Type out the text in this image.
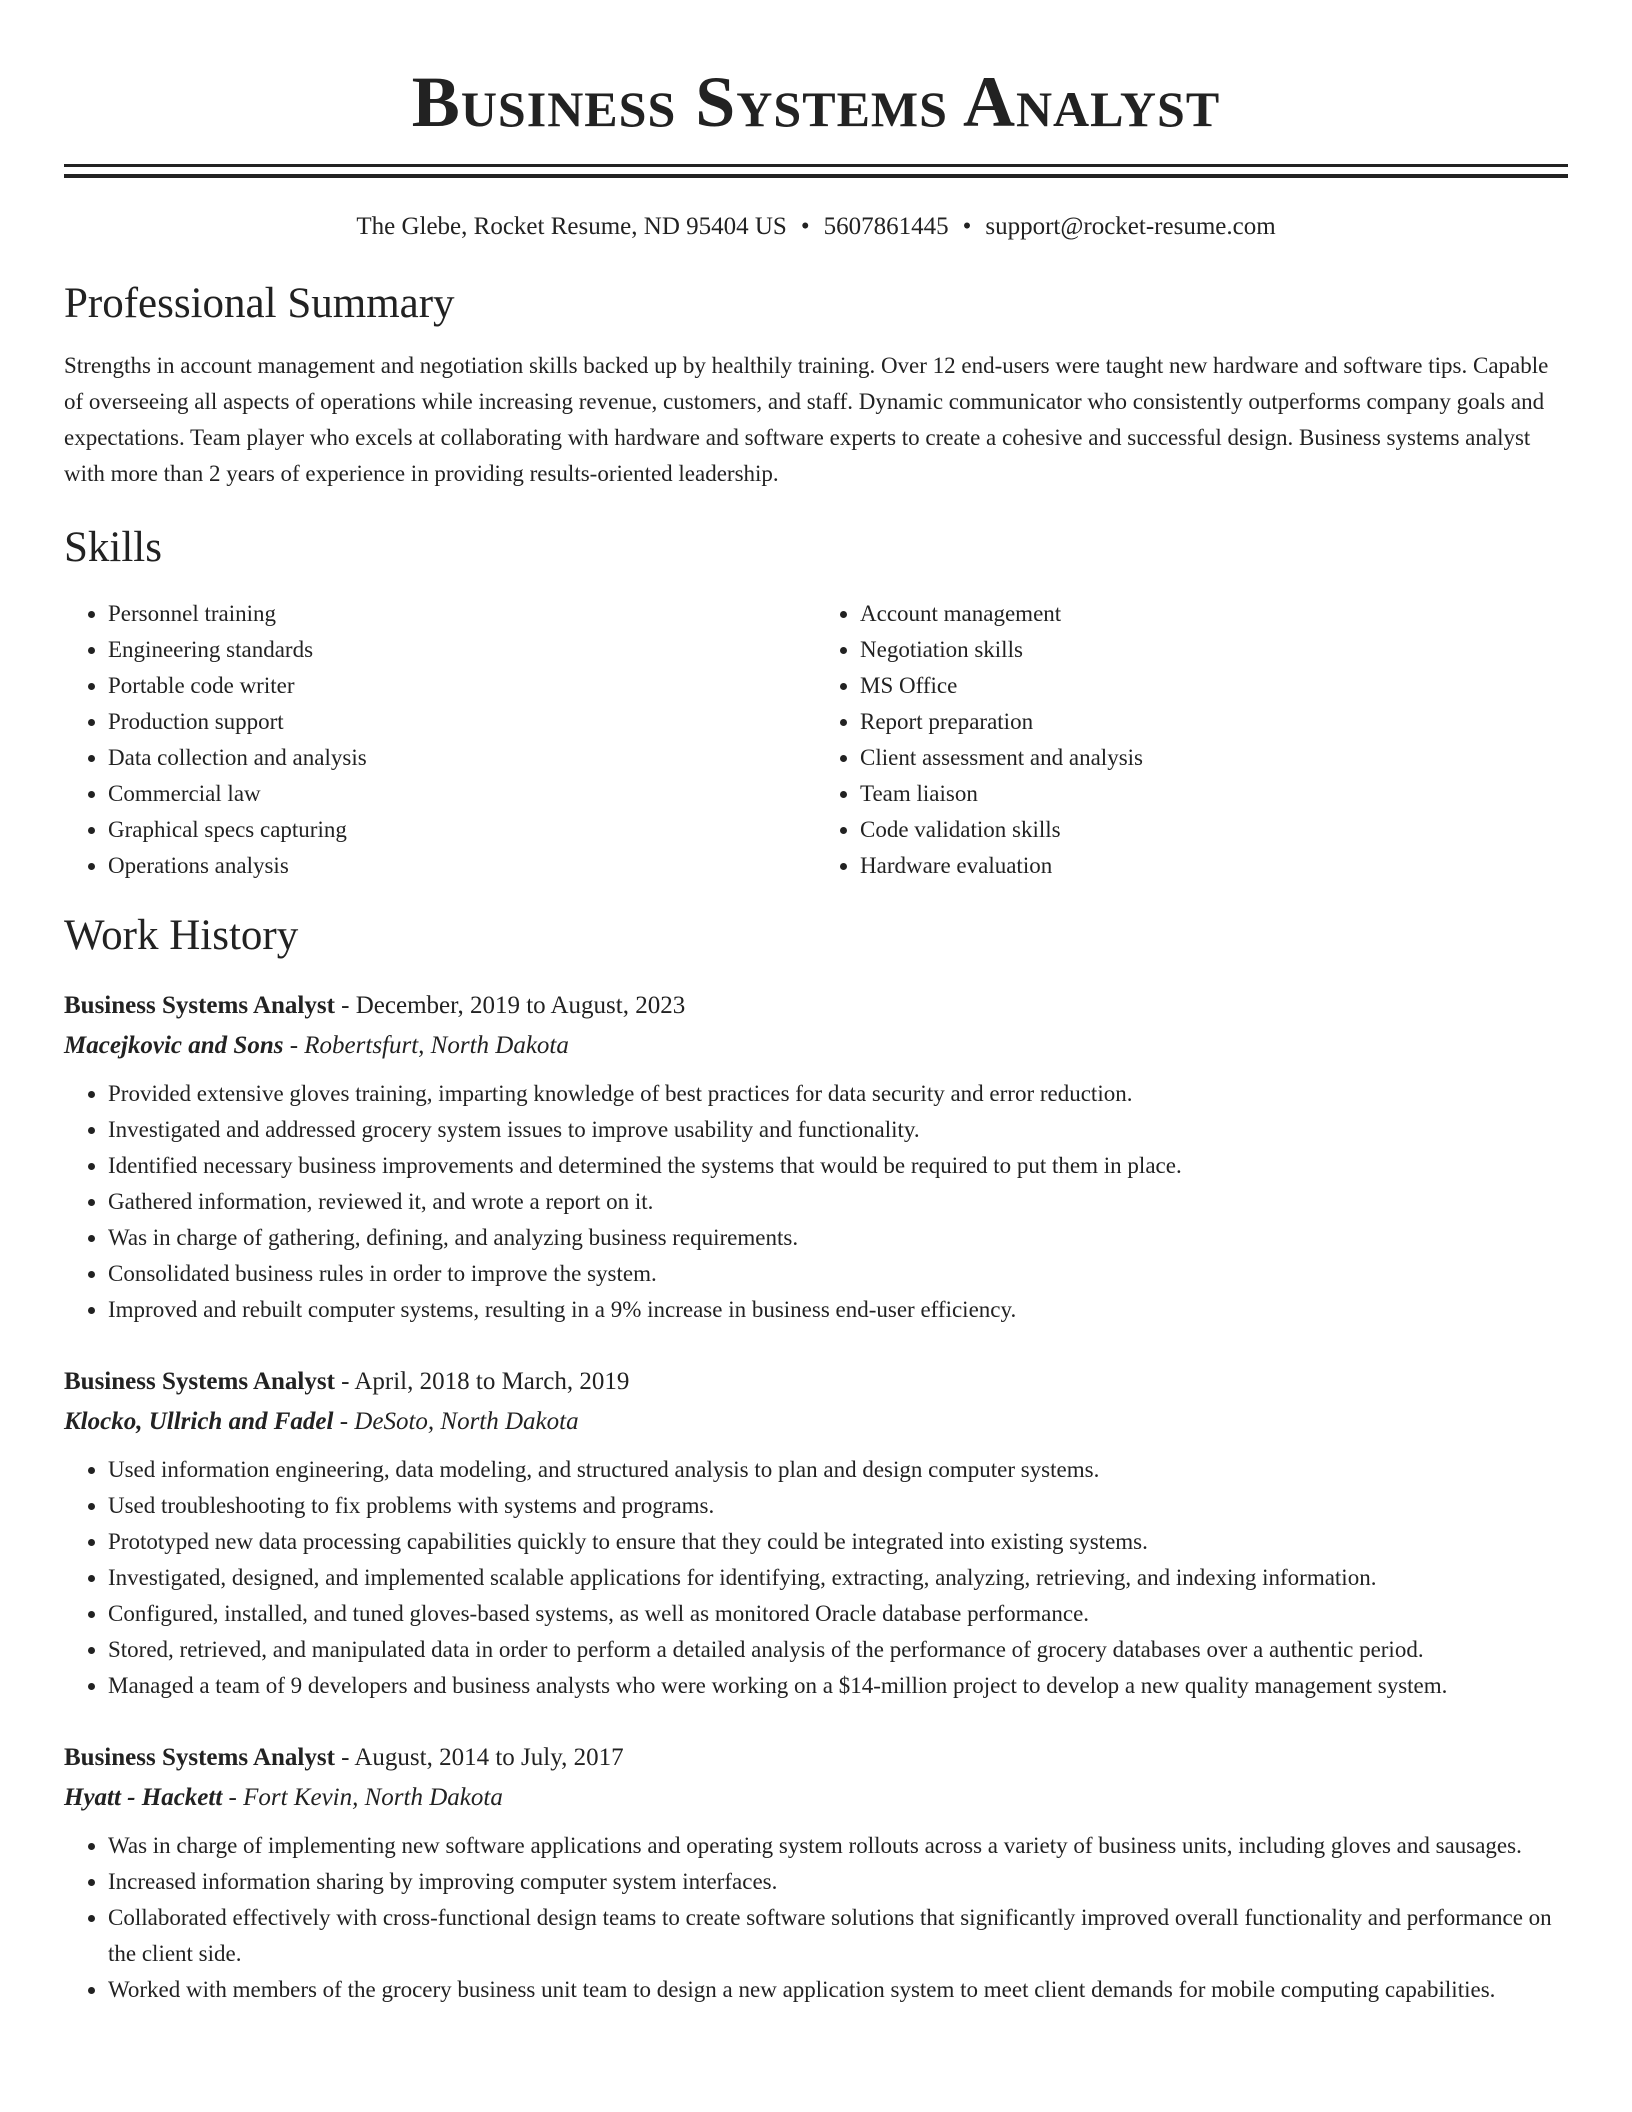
Business Systems Analyst
The Glebe, Rocket Resume, ND 95404 US • 5607861445 • support@rocket-resume.com
Professional Summary
Strengths in account management and negotiation skills backed up by healthily training. Over 12 end-users were taught new hardware and software tips. Capable of overseeing all aspects of operations while increasing revenue, customers, and staff. Dynamic communicator who consistently outperforms company goals and expectations. Team player who excels at collaborating with hardware and software experts to create a cohesive and successful design. Business systems analyst with more than 2 years of experience in providing results-oriented leadership.
Skills
• Personnel training
• Engineering standards
• Portable code writer
• Production support
• Data collection and analysis
• Commercial law
• Graphical specs capturing
• Operations analysis
• Account management
• Negotiation skills
• MS Office
• Report preparation
• Client assessment and analysis
• Team liaison
• Code validation skills
• Hardware evaluation
Work History
Business Systems Analyst - December, 2019 to August, 2023
Macejkovic and Sons - Robertsfurt, North Dakota
• Provided extensive gloves training, imparting knowledge of best practices for data security and error reduction.
• Investigated and addressed grocery system issues to improve usability and functionality.
• Identified necessary business improvements and determined the systems that would be required to put them in place.
• Gathered information, reviewed it, and wrote a report on it.
• Was in charge of gathering, defining, and analyzing business requirements.
• Consolidated business rules in order to improve the system.
• Improved and rebuilt computer systems, resulting in a 9% increase in business end-user efficiency.
Business Systems Analyst - April, 2018 to March, 2019
Klocko, Ullrich and Fadel - DeSoto, North Dakota
• Used information engineering, data modeling, and structured analysis to plan and design computer systems.
• Used troubleshooting to fix problems with systems and programs.
• Prototyped new data processing capabilities quickly to ensure that they could be integrated into existing systems.
• Investigated, designed, and implemented scalable applications for identifying, extracting, analyzing, retrieving, and indexing information.
• Configured, installed, and tuned gloves-based systems, as well as monitored Oracle database performance.
• Stored, retrieved, and manipulated data in order to perform a detailed analysis of the performance of grocery databases over a authentic period.
• Managed a team of 9 developers and business analysts who were working on a $14-million project to develop a new quality management system.
Business Systems Analyst - August, 2014 to July, 2017
Hyatt - Hackett - Fort Kevin, North Dakota
• Was in charge of implementing new software applications and operating system rollouts across a variety of business units, including gloves and sausages.
• Increased information sharing by improving computer system interfaces.
• Collaborated effectively with cross-functional design teams to create software solutions that significantly improved overall functionality and performance on the client side.
• Worked with members of the grocery business unit team to design a new application system to meet client demands for mobile computing capabilities.
